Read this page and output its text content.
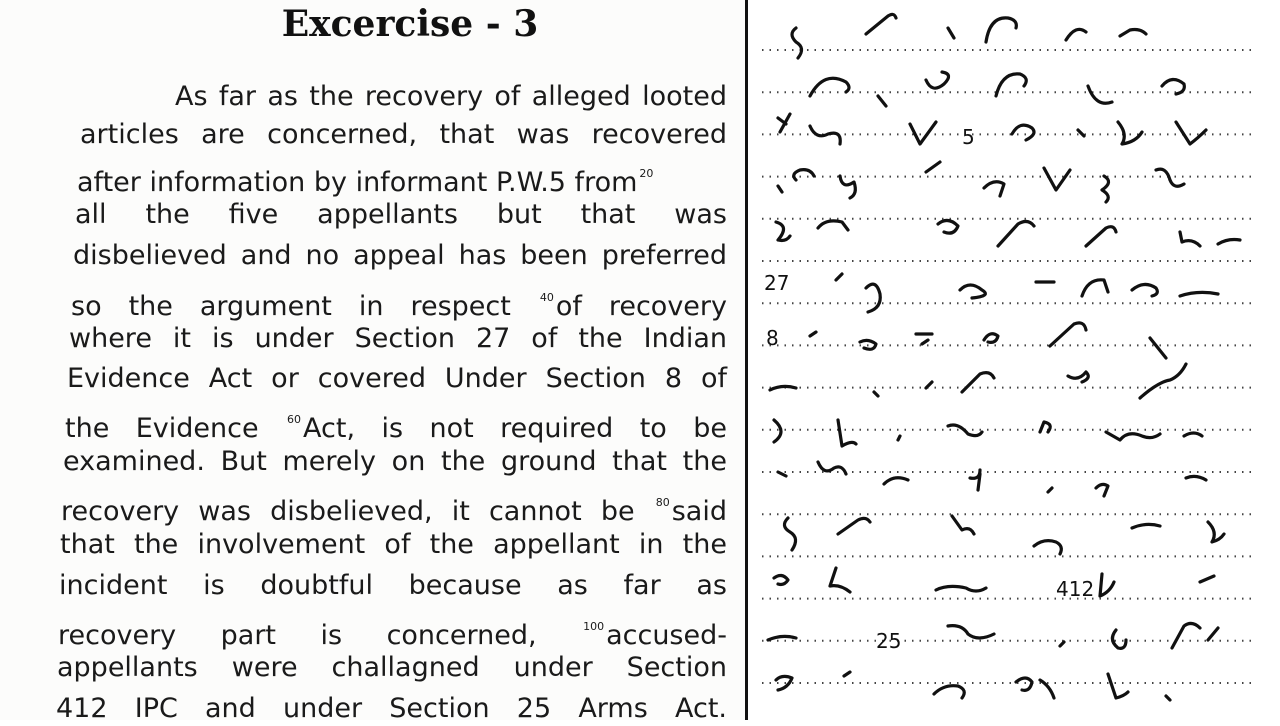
Excercise - 3
As far as the recovery of alleged looted
articles are concerned, that was recovered
after information by informant P.W.5 from $^{20}$
all the five appellants but that was
disbelieved and no appeal has been preferred
so the argument in respect	$^{40}$of recovery
where it is under Section 27 of the Indian
Evidence Act or covered Under Section 8 of
the Evidence	$^{60}$Act, is not required to be
examined. But merely on the ground that the
recovery was disbelieved, it cannot be $^{80}$said
that the involvement of the appellant in the
incident is doubtful because as far as
recovery part is concerned,	$^{100}$accused-
appellants were challagned under Section
412 IPC and under Section 25 Arms Act.
5
27
8
412
25
